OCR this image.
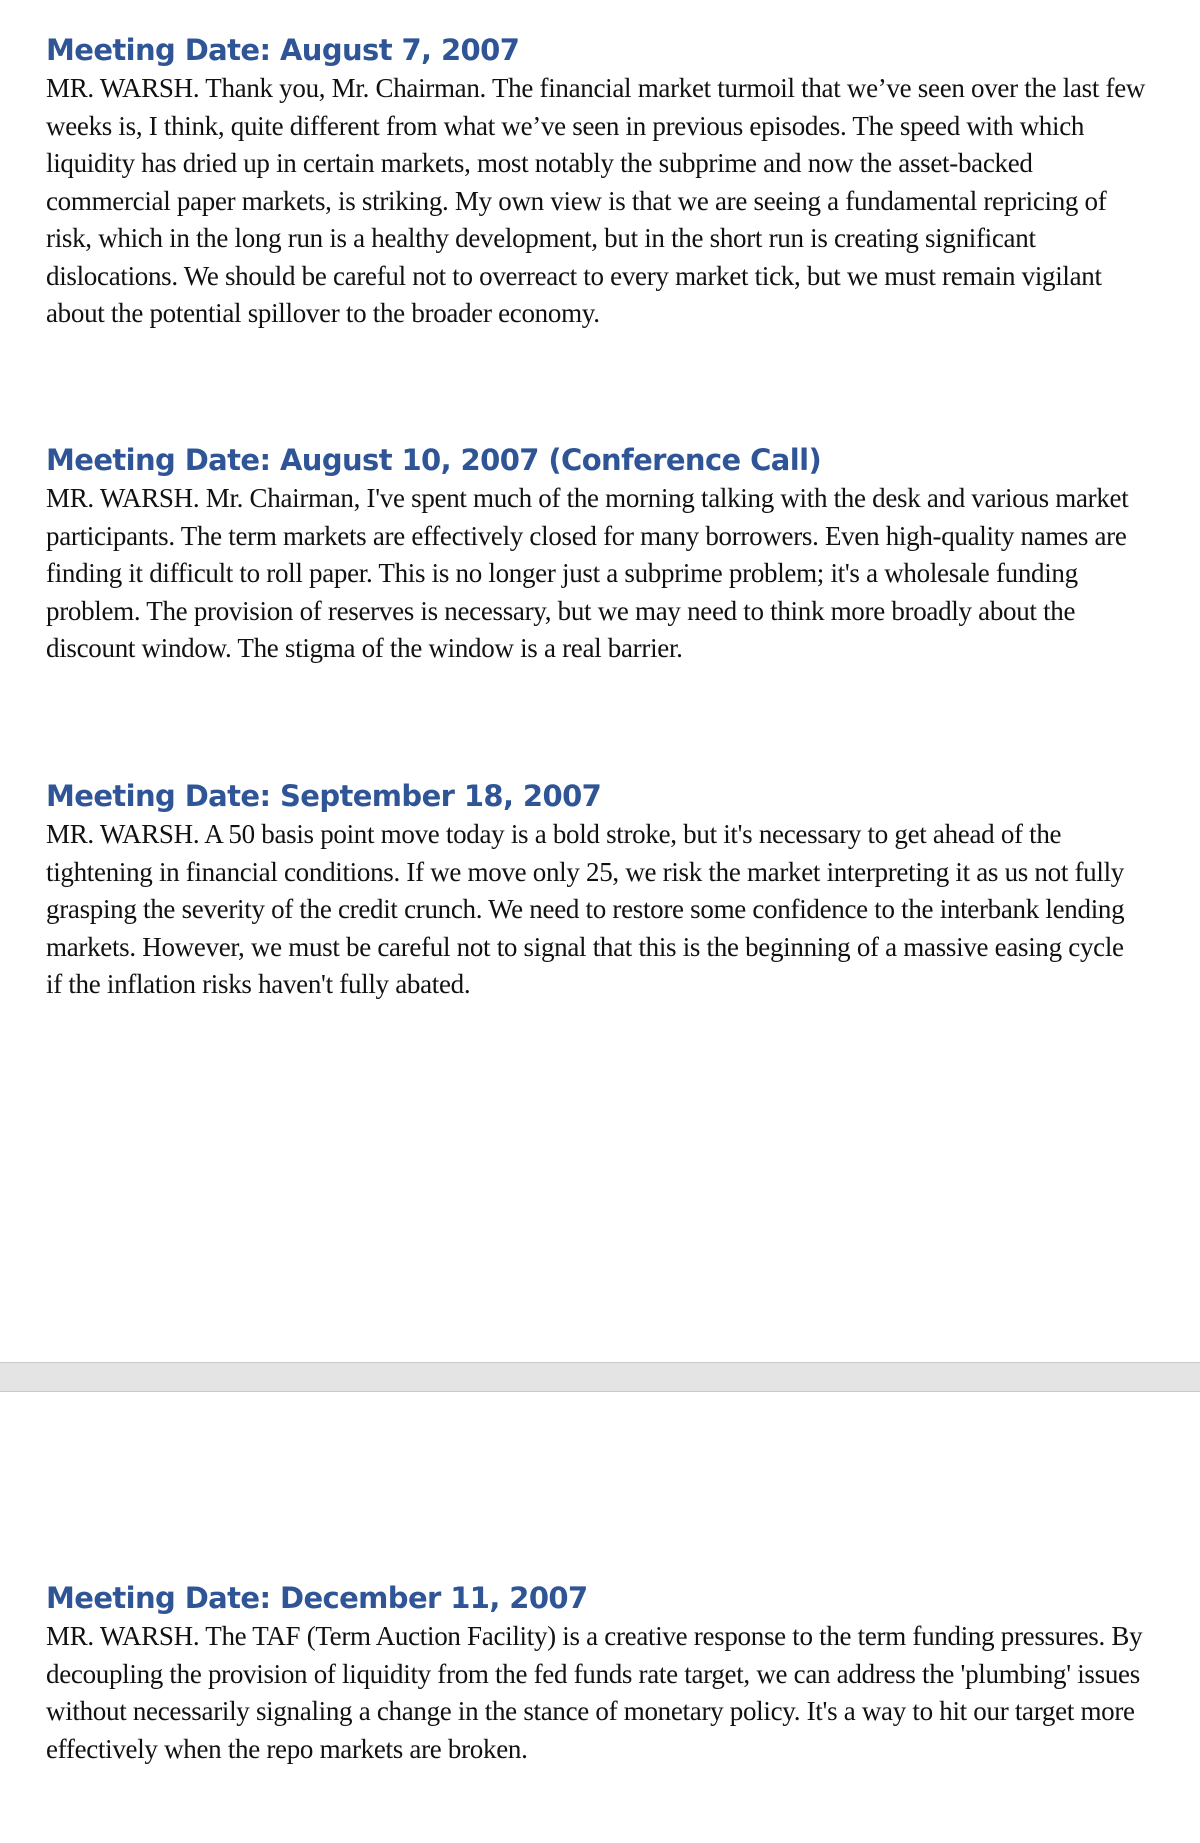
Meeting Date: August 7, 2007

MR. WARSH. Thank you, Mr. Chairman. The financial market turmoil that we’ve seen over the last few weeks is, I think, quite different from what we’ve seen in previous episodes. The speed with which liquidity has dried up in certain markets, most notably the subprime and now the asset-backed commercial paper markets, is striking. My own view is that we are seeing a fundamental repricing of risk, which in the long run is a healthy development, but in the short run is creating significant dislocations. We should be careful not to overreact to every market tick, but we must remain vigilant about the potential spillover to the broader economy.

Meeting Date: August 10, 2007 (Conference Call)

MR. WARSH. Mr. Chairman, I've spent much of the morning talking with the desk and various market participants. The term markets are effectively closed for many borrowers. Even high-quality names are finding it difficult to roll paper. This is no longer just a subprime problem; it's a wholesale funding problem. The provision of reserves is necessary, but we may need to think more broadly about the discount window. The stigma of the window is a real barrier.

Meeting Date: September 18, 2007

MR. WARSH. A 50 basis point move today is a bold stroke, but it's necessary to get ahead of the tightening in financial conditions. If we move only 25, we risk the market interpreting it as us not fully grasping the severity of the credit crunch. We need to restore some confidence to the interbank lending markets. However, we must be careful not to signal that this is the beginning of a massive easing cycle if the inflation risks haven't fully abated.

Meeting Date: December 11, 2007

MR. WARSH. The TAF (Term Auction Facility) is a creative response to the term funding pressures. By decoupling the provision of liquidity from the fed funds rate target, we can address the 'plumbing' issues without necessarily signaling a change in the stance of monetary policy. It's a way to hit our target more effectively when the repo markets are broken.
